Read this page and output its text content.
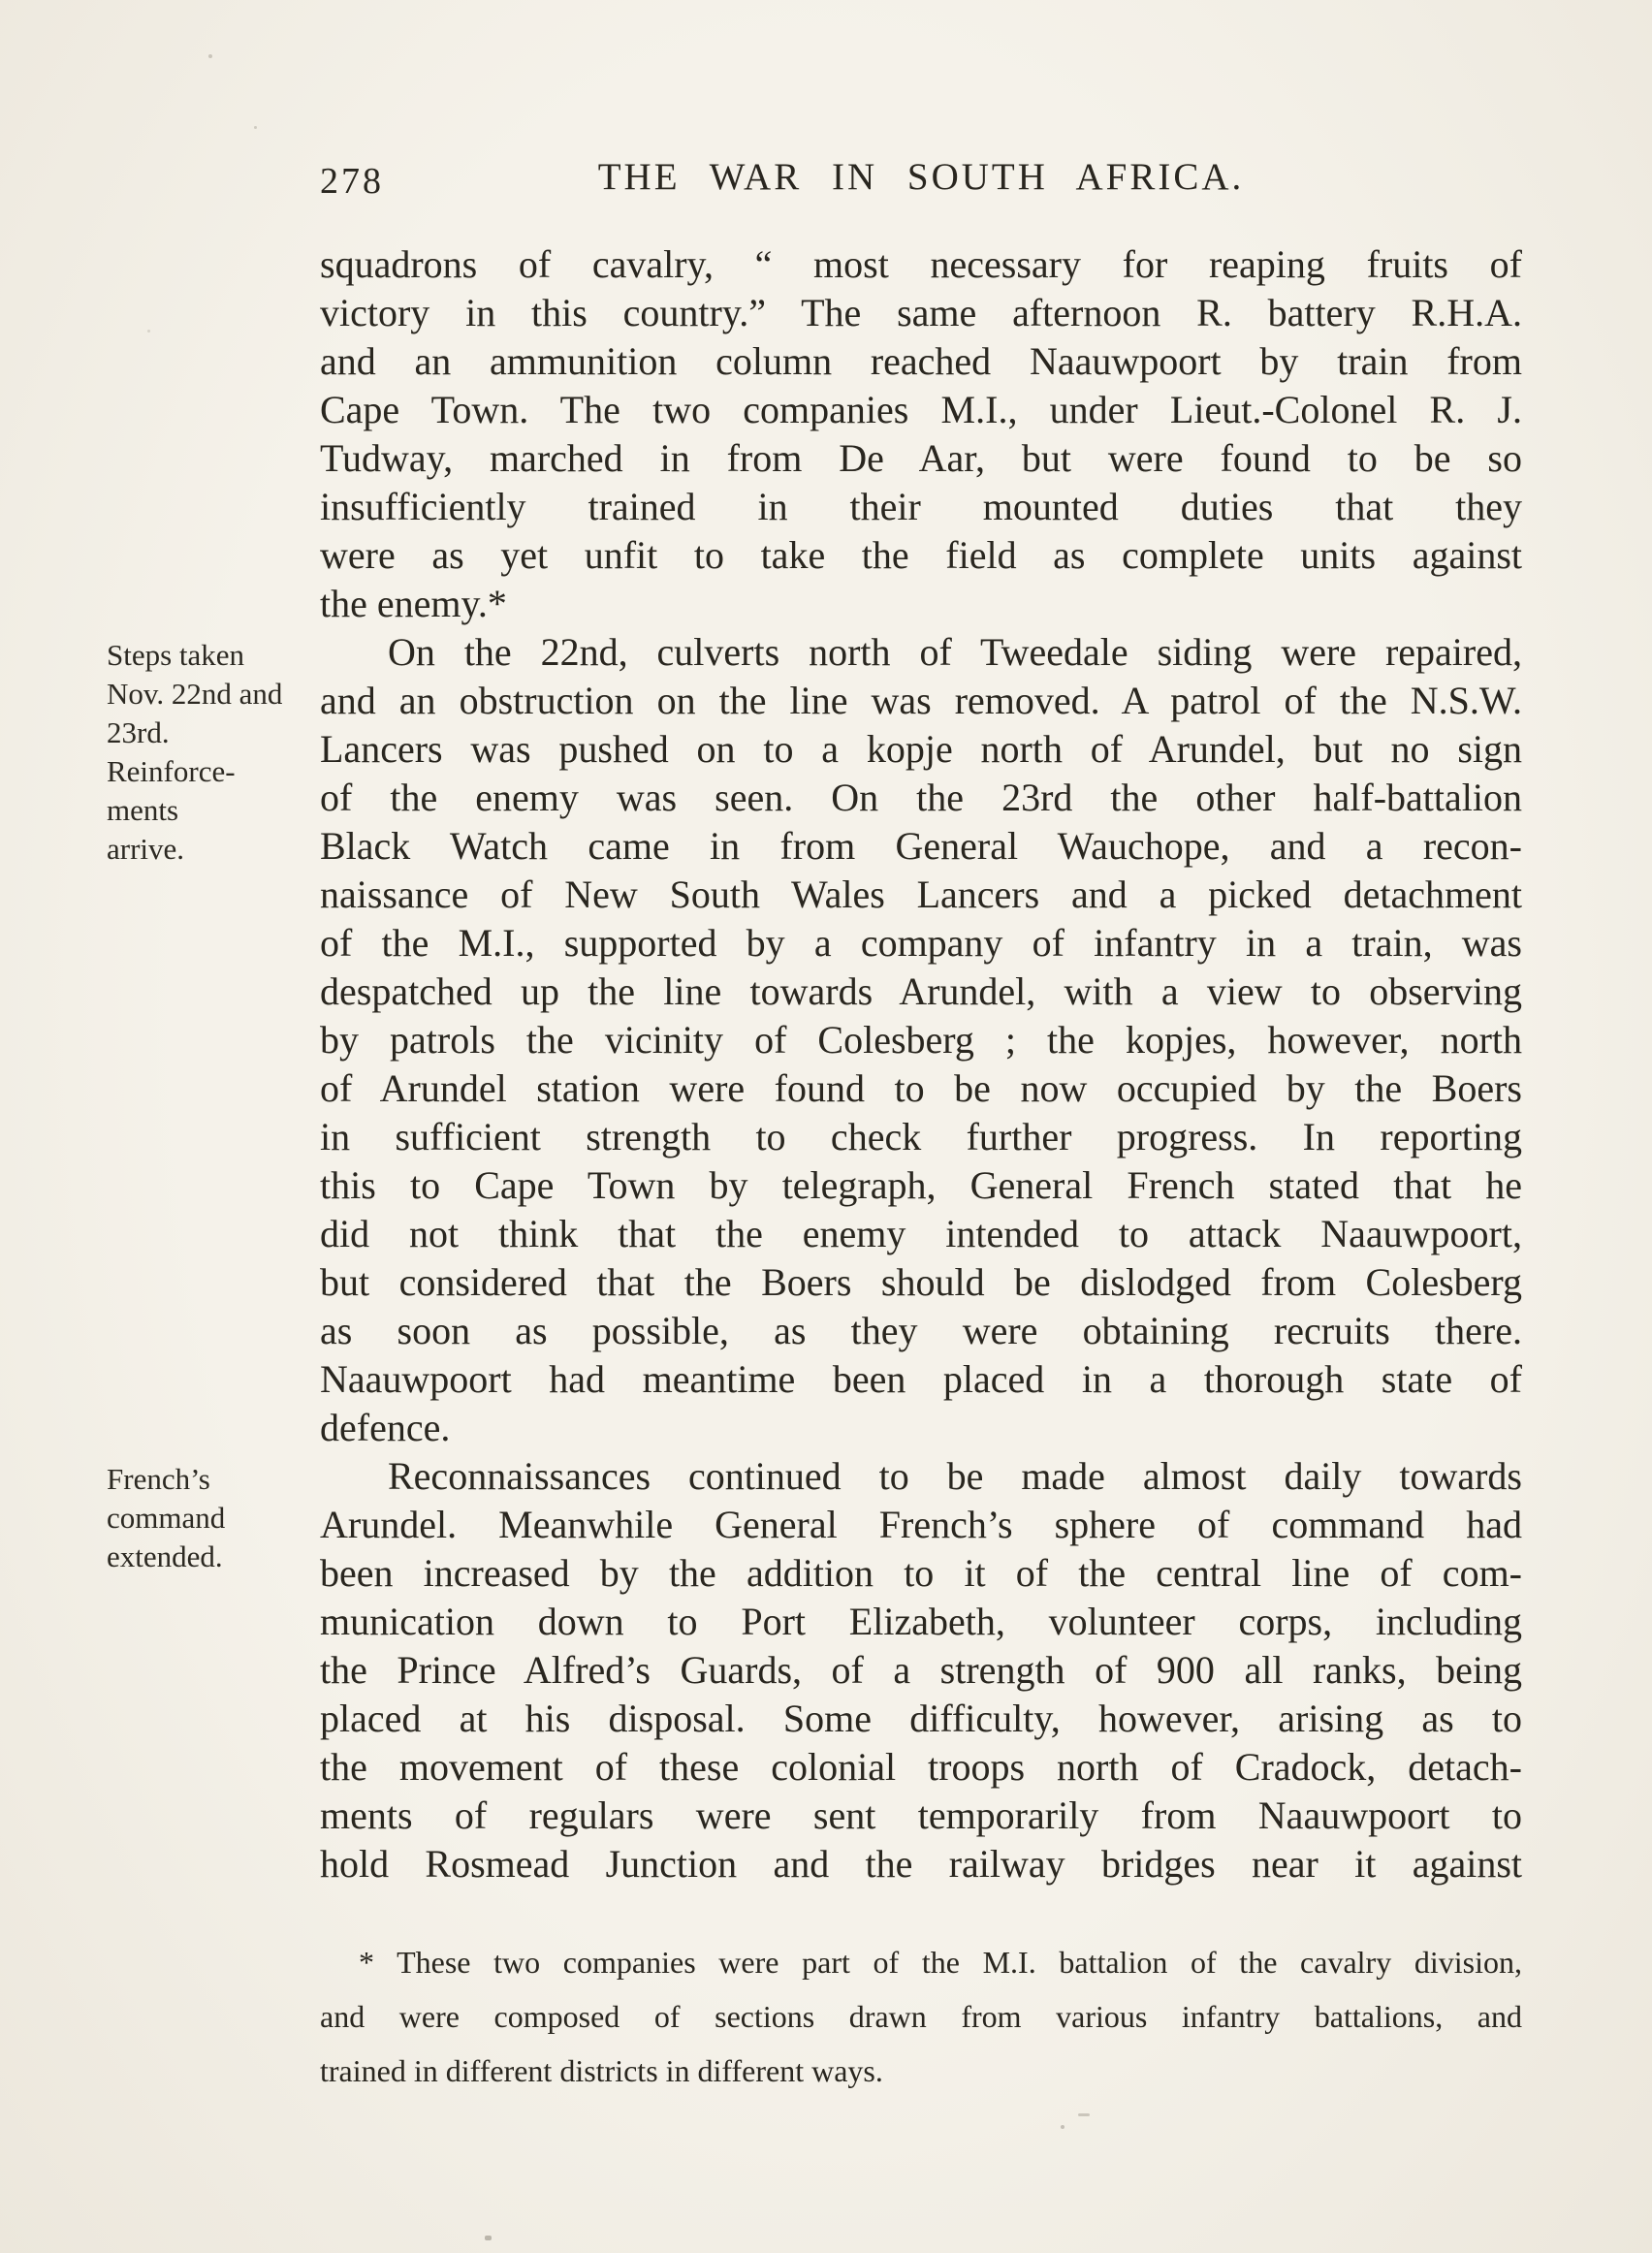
278	THE WAR IN SOUTH AFRICA.
Steps taken
Nov. 22nd and
23rd.
Reinforce-
ments
arrive.
French’s
command
extended.
squadrons of cavalry, “ most necessary for reaping fruits of
victory in this country.” The same afternoon R. battery R.H.A.
and an ammunition column reached Naauwpoort by train from
Cape Town. The two companies M.I., under Lieut.-Colonel R. J.
Tudway, marched in from De Aar, but were found to be so
insufficiently trained in their mounted duties that they
were as yet unfit to take the field as complete units against
the enemy.*
On the 22nd, culverts north of Tweedale siding were repaired,
and an obstruction on the line was removed. A patrol of the N.S.W.
Lancers was pushed on to a kopje north of Arundel, but no sign
of the enemy was seen. On the 23rd the other half-battalion
Black Watch came in from General Wauchope, and a recon-
naissance of New South Wales Lancers and a picked detachment
of the M.I., supported by a company of infantry in a train, was
despatched up the line towards Arundel, with a view to observing
by patrols the vicinity of Colesberg ; the kopjes, however, north
of Arundel station were found to be now occupied by the Boers
in sufficient strength to check further progress. In reporting
this to Cape Town by telegraph, General French stated that he
did not think that the enemy intended to attack Naauwpoort,
but considered that the Boers should be dislodged from Colesberg
as soon as possible, as they were obtaining recruits there.
Naauwpoort had meantime been placed in a thorough state of
defence.
Reconnaissances continued to be made almost daily towards
Arundel. Meanwhile General French’s sphere of command had
been increased by the addition to it of the central line of com-
munication down to Port Elizabeth, volunteer corps, including
the Prince Alfred’s Guards, of a strength of 900 all ranks, being
placed at his disposal. Some difficulty, however, arising as to
the movement of these colonial troops north of Cradock, detach-
ments of regulars were sent temporarily from Naauwpoort to
hold Rosmead Junction and the railway bridges near it against
* These two companies were part of the M.I. battalion of the cavalry division,
and were composed of sections drawn from various infantry battalions, and
trained in different districts in different ways.
